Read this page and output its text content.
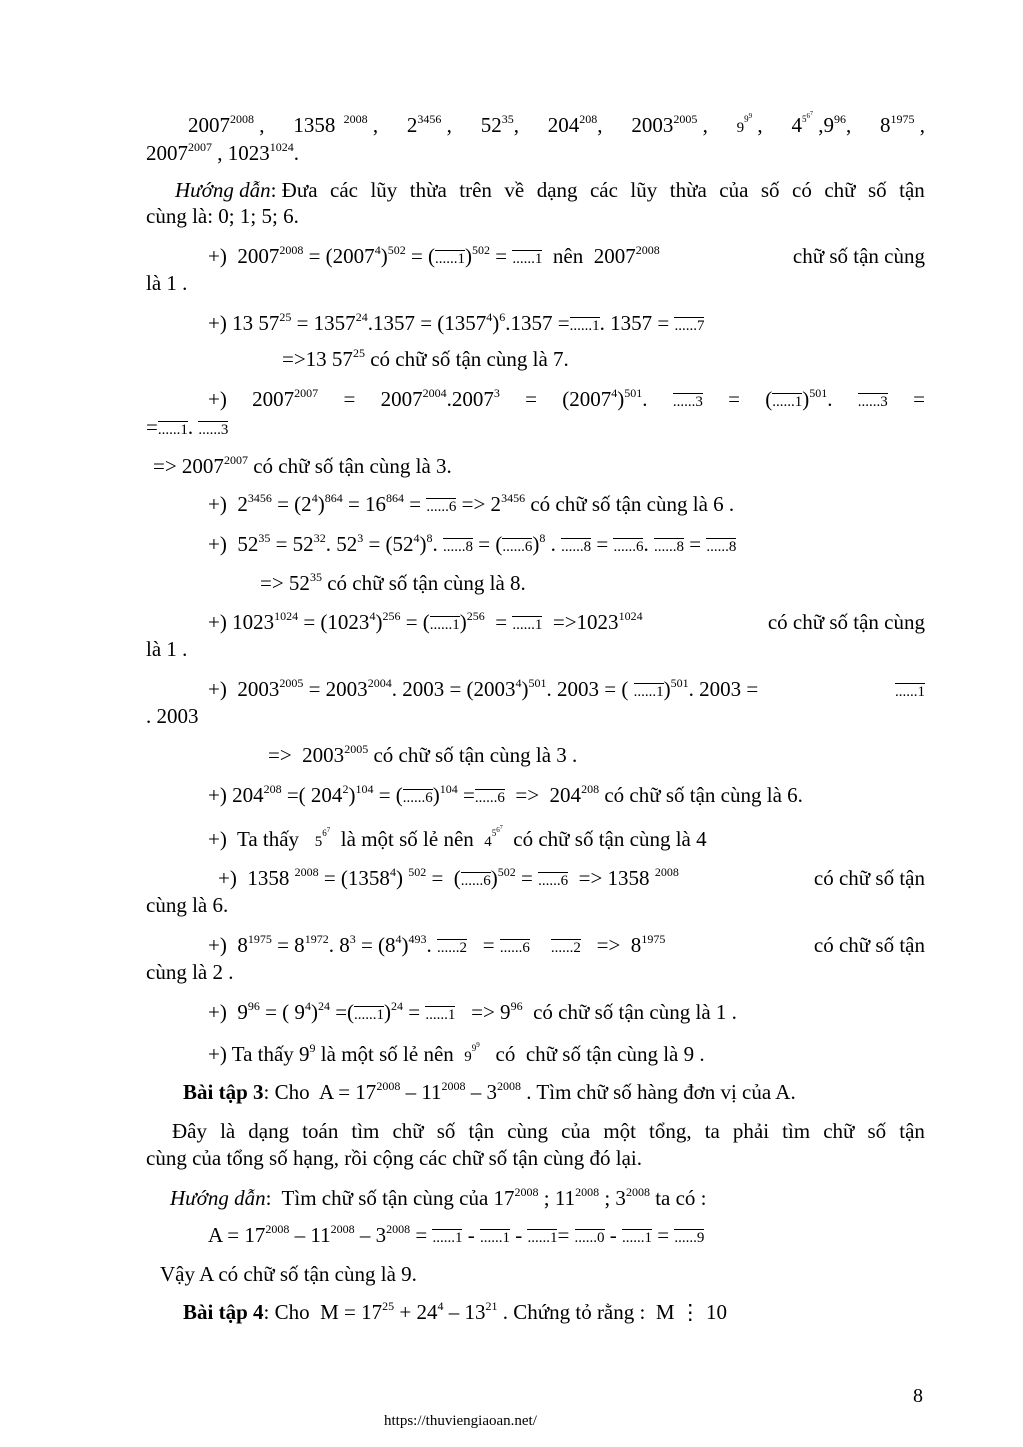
$2007^{2008}$ , 1358  $^{2008}$ , $2^{3456}$ , $52^{35}$, $204^{208}$, $2003^{2005}$ , $9^{9^9}$ , $4^{5^{6^7}}$ $,9^{96}$, $8^{1975}$ ,
$2007^{2007}$ , $1023^{1024}$.
Hướng dẫn: Đưa các lũy thừa trên về dạng các lũy thừa của số có chữ số tận
cùng là: 0; 1; 5; 6.
+)  $2007^{2008} = (2007^4)^{502} = (......1)^{502} = ......1$  nên  $2007^{2008}$	chữ số tận cùng
là 1 .
+) 13 $57^{25} = 1357^{24}.1357 = (1357^4)^6.1357 =......1$. 1357 = ......7
=>13 $57^{25}$ có chữ số tận cùng là 7.
+) $2007^{2007} = 2007^{2004}.2007^3 = (2007^4)^{501}$. $......3 = (......1)^{501}$. ......3 =
=......1. ......3
=> $2007^{2007}$ có chữ số tận cùng là 3.
+)  $2^{3456} = (2^4)^{864} = 16^{864} = ......6 => 2^{3456}$ có chữ số tận cùng là 6 .
+)  $52^{35} = 52^{32}$. $52^3 = (52^4)^8$. $......8 = (......6)^8$ . ......8 = ......6. ......8 = ......8
=> $52^{35}$ có chữ số tận cùng là 8.
+) $1023^{1024} = (1023^4)^{256} = (......1)^{256} = ......1 =>1023^{1024}$	có chữ số tận cùng
là 1 .
+)  $2003^{2005} = 2003^{2004}$. $2003 = (2003^4)^{501}$. 2003 = ( ......1)$^{501}$. 2003 =	......1
. 2003
=>  $2003^{2005}$ có chữ số tận cùng là 3 .
+) $204^{208}$ =( $204^2)^{104} = (......6)^{104} =......6 => 204^{208}$ có chữ số tận cùng là 6.
+)  Ta thấy   $5^{6^7}$  là một số lẻ nên  $4^{5^{6^7}}$  có chữ số tận cùng là 4
+)  1358 $^{2008} = (1358^4) ^{502} = (......6)^{502} = ......6 => 1358$ $^{2008}$	có chữ số tận
cùng là 6.
+)  $8^{1975} = 8^{1972}$. $8^3 = (8^4)^{493}$. ......2   = ......6 $......2 => 8^{1975}$	có chữ số tận
cùng là 2 .
+)  $9^{96}$ = ( $9^4)^{24} =(......1)^{24} = ......1 => 9^{96}$  có chữ số tận cùng là 1 .
+) Ta thấy $9^9$ là một số lẻ nên  $9^{9^9}$   có  chữ số tận cùng là 9 .
Bài tập 3: Cho  $A = 17^{2008} - 11^{2008} - 3^{2008}$ . Tìm chữ số hàng đơn vị của A.
Đây là dạng toán tìm chữ số tận cùng của một tổng, ta phải tìm chữ số tận
cùng của tổng số hạng, rồi cộng các chữ số tận cùng đó lại.
Hướng dẫn:  Tìm chữ số tận cùng của $17^{2008}$ ; $11^{2008}$ ; $3^{2008}$ ta có :
$A = 17^{2008} - 11^{2008} - 3^{2008} = ......1 - ......1 - ......1= ......0 - ......1 = ......9$
Vậy A có chữ số tận cùng là 9.
Bài tập 4: Cho  $M = 17^{25} + 24^4 - 13^{21}$ . Chứng tỏ rằng :  M ⋮ 10
8
https://thuviengiaoan.net/
